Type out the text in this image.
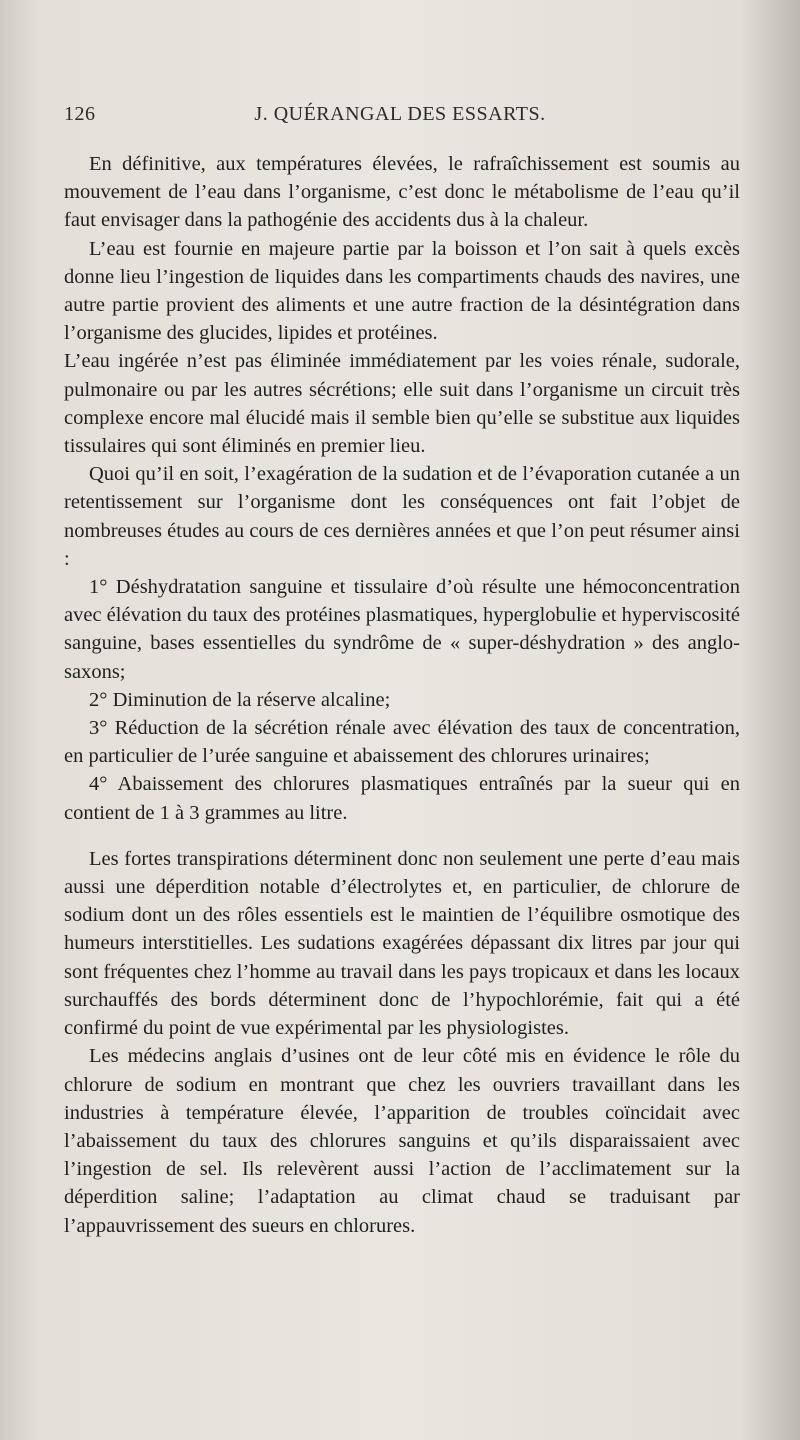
126	J. QUÉRANGAL DES ESSARTS.

En définitive, aux températures élevées, le rafraîchissement est soumis au mouvement de l’eau dans l’organisme, c’est donc le métabolisme de l’eau qu’il faut envisager dans la pathogénie des accidents dus à la chaleur.

L’eau est fournie en majeure partie par la boisson et l’on sait à quels excès donne lieu l’ingestion de liquides dans les compartiments chauds des navires, une autre partie provient des aliments et une autre fraction de la désintégration dans l’organisme des glucides, lipides et protéines.

L’eau ingérée n’est pas éliminée immédiatement par les voies rénale, sudorale, pulmonaire ou par les autres sécrétions; elle suit dans l’organisme un circuit très complexe encore mal élucidé mais il semble bien qu’elle se substitue aux liquides tissulaires qui sont éliminés en premier lieu.

Quoi qu’il en soit, l’exagération de la sudation et de l’évaporation cutanée a un retentissement sur l’organisme dont les conséquences ont fait l’objet de nombreuses études au cours de ces dernières années et que l’on peut résumer ainsi :

1° Déshydratation sanguine et tissulaire d’où résulte une hémoconcentration avec élévation du taux des protéines plasmatiques, hyperglobulie et hyperviscosité sanguine, bases essentielles du syndrôme de « super-déshydration » des anglo-saxons;

2° Diminution de la réserve alcaline;

3° Réduction de la sécrétion rénale avec élévation des taux de concentration, en particulier de l’urée sanguine et abaissement des chlorures urinaires;

4° Abaissement des chlorures plasmatiques entraînés par la sueur qui en contient de 1 à 3 grammes au litre.

Les fortes transpirations déterminent donc non seulement une perte d’eau mais aussi une déperdition notable d’électrolytes et, en particulier, de chlorure de sodium dont un des rôles essentiels est le maintien de l’équilibre osmotique des humeurs interstitielles. Les sudations exagérées dépassant dix litres par jour qui sont fréquentes chez l’homme au travail dans les pays tropicaux et dans les locaux surchauffés des bords déterminent donc de l’hypochlorémie, fait qui a été confirmé du point de vue expérimental par les physiologistes.

Les médecins anglais d’usines ont de leur côté mis en évidence le rôle du chlorure de sodium en montrant que chez les ouvriers travaillant dans les industries à température élevée, l’apparition de troubles coïncidait avec l’abaissement du taux des chlorures sanguins et qu’ils disparaissaient avec l’ingestion de sel. Ils relevèrent aussi l’action de l’acclimatement sur la déperdition saline; l’adaptation au climat chaud se traduisant par l’appauvrissement des sueurs en chlorures.
